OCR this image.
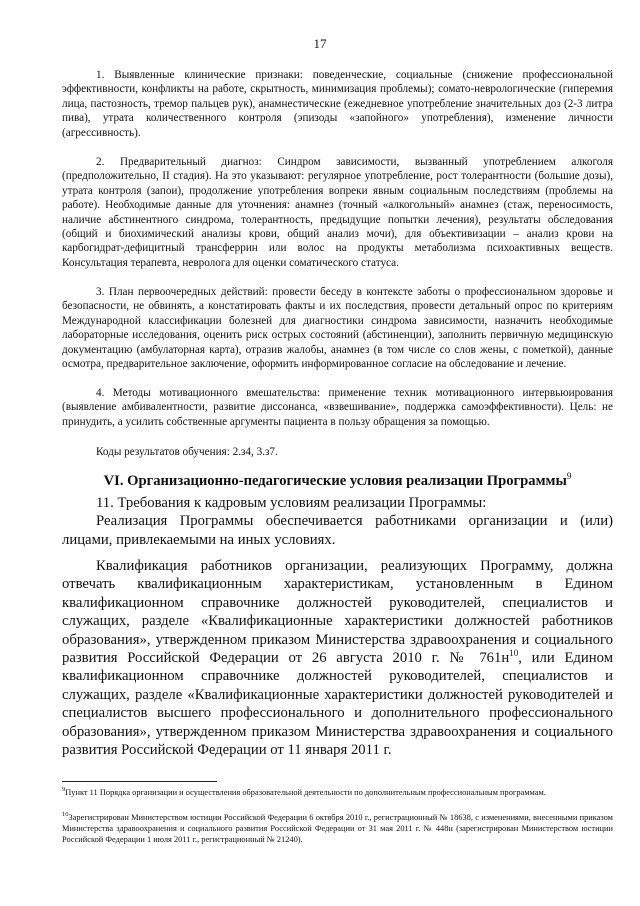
17

1. Выявленные клинические признаки: поведенческие, социальные (снижение профессиональной эффективности, конфликты на работе, скрытность, минимизация проблемы); сомато-неврологические (гиперемия лица, пастозность, тремор пальцев рук), анамнестические (ежедневное употребление значительных доз (2-3 литра пива), утрата количественного контроля (эпизоды «запойного» употребления), изменение личности (агрессивность).

2. Предварительный диагноз: Синдром зависимости, вызванный употреблением алкоголя (предположительно, II стадия). На это указывают: регулярное употребление, рост толерантности (большие дозы), утрата контроля (запои), продолжение употребления вопреки явным социальным последствиям (проблемы на работе). Необходимые данные для уточнения: анамнез (точный «алкогольный» анамнез (стаж, переносимость, наличие абстинентного синдрома, толерантность, предыдущие попытки лечения), результаты обследования (общий и биохимический анализы крови, общий анализ мочи), для объективизации – анализ крови на карбогидрат-дефицитный трансферрин или волос на продукты метаболизма психоактивных веществ. Консультация терапевта, невролога для оценки соматического статуса.

3. План первоочередных действий: провести беседу в контексте заботы о профессиональном здоровье и безопасности, не обвинять, а констатировать факты и их последствия, провести детальный опрос по критериям Международной классификации болезней для диагностики синдрома зависимости, назначить необходимые лабораторные исследования, оценить риск острых состояний (абстиненции), заполнить первичную медицинскую документацию (амбулаторная карта), отразив жалобы, анамнез (в том числе со слов жены, с пометкой), данные осмотра, предварительное заключение, оформить информированное согласие на обследование и лечение.

4. Методы мотивационного вмешательства: применение техник мотивационного интервьюирования (выявление амбивалентности, развитие диссонанса, «взвешивание», поддержка самоэффективности). Цель: не принудить, а усилить собственные аргументы пациента в пользу обращения за помощью.

Коды результатов обучения: 2.з4, 3.з7.
VI. Организационно-педагогические условия реализации Программы$^9$

11. Требования к кадровым условиям реализации Программы:

Реализация Программы обеспечивается работниками организации и (или) лицами, привлекаемыми на иных условиях.

Квалификация работников организации, реализующих Программу, должна отвечать квалификационным характеристикам, установленным в Едином квалификационном справочнике должностей руководителей, специалистов и служащих, разделе «Квалификационные характеристики должностей работников образования», утвержденном приказом Министерства здравоохранения и социального развития Российской Федерации от 26 августа 2010 г. № $761н^{10}$, или Едином квалификационном справочнике должностей руководителей, специалистов и служащих, разделе «Квалификационные характеристики должностей руководителей и специалистов высшего профессионального и дополнительного профессионального образования», утвержденном приказом Министерства здравоохранения и социального развития Российской Федерации от 11 января 2011 г.

$^9$Пункт 11 Порядка организации и осуществления образовательной деятельности по дополнительным профессиональным программам.

$^{10}$Зарегистрирован Министерством юстиции Российской Федерации 6 октября 2010 г., регистрационный № 18638, с изменениями, внесенными приказом Министерства здравоохранения и социального развития Российской Федерации от 31 мая 2011 г. № 448н (зарегистрирован Министерством юстиции Российской Федерации 1 июля 2011 г., регистрационный № 21240).
